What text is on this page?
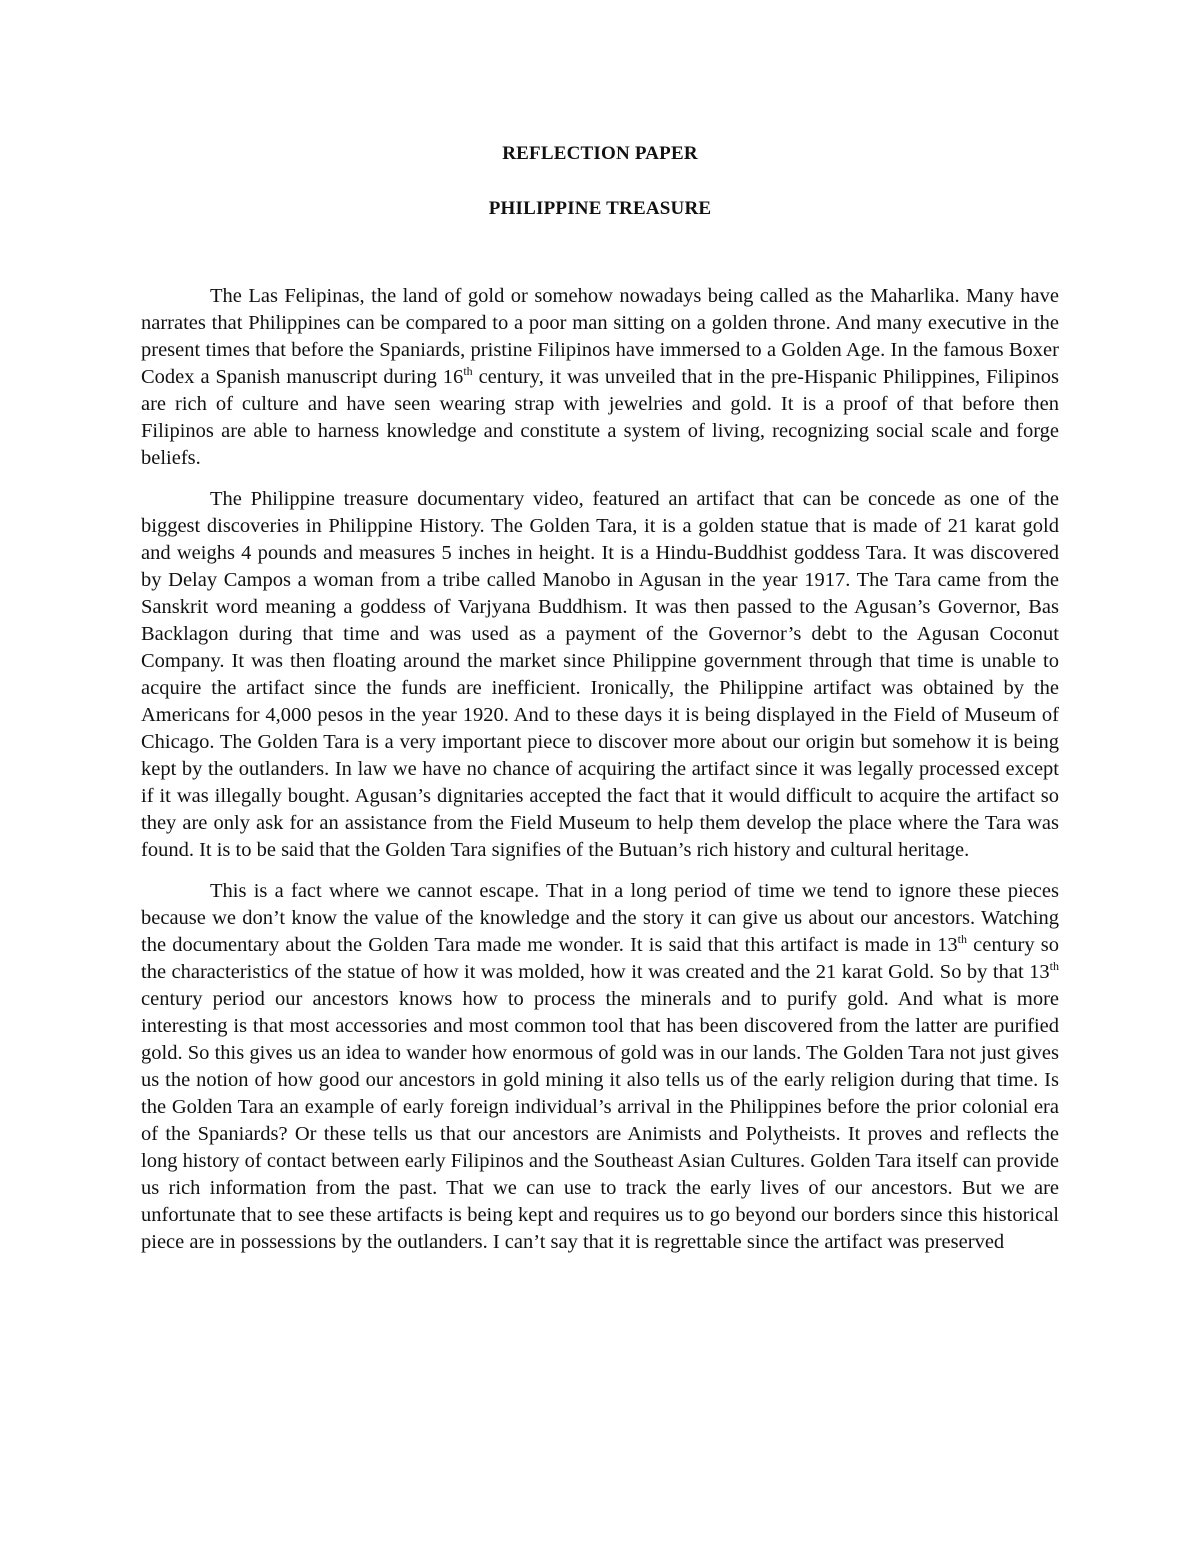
REFLECTION PAPER
PHILIPPINE TREASURE

The Las Felipinas, the land of gold or somehow nowadays being called as the Maharlika. Many have narrates that Philippines can be compared to a poor man sitting on a golden throne. And many executive in the present times that before the Spaniards, pristine Filipinos have immersed to a Golden Age. In the famous Boxer Codex a Spanish manuscript during 16th century, it was unveiled that in the pre-Hispanic Philippines, Filipinos are rich of culture and have seen wearing strap with jewelries and gold. It is a proof of that before then Filipinos are able to harness knowledge and constitute a system of living, recognizing social scale and forge beliefs.

The Philippine treasure documentary video, featured an artifact that can be concede as one of the biggest discoveries in Philippine History. The Golden Tara, it is a golden statue that is made of 21 karat gold and weighs 4 pounds and measures 5 inches in height. It is a Hindu-Buddhist goddess Tara. It was discovered by Delay Campos a woman from a tribe called Manobo in Agusan in the year 1917. The Tara came from the Sanskrit word meaning a goddess of Varjyana Buddhism. It was then passed to the Agusan’s Governor, Bas Backlagon during that time and was used as a payment of the Governor’s debt to the Agusan Coconut Company. It was then floating around the market since Philippine government through that time is unable to acquire the artifact since the funds are inefficient. Ironically, the Philippine artifact was obtained by the Americans for 4,000 pesos in the year 1920. And to these days it is being displayed in the Field of Museum of Chicago. The Golden Tara is a very important piece to discover more about our origin but somehow it is being kept by the outlanders. In law we have no chance of acquiring the artifact since it was legally processed except if it was illegally bought. Agusan’s dignitaries accepted the fact that it would difficult to acquire the artifact so they are only ask for an assistance from the Field Museum to help them develop the place where the Tara was found. It is to be said that the Golden Tara signifies of the Butuan’s rich history and cultural heritage.

This is a fact where we cannot escape. That in a long period of time we tend to ignore these pieces because we don’t know the value of the knowledge and the story it can give us about our ancestors. Watching the documentary about the Golden Tara made me wonder. It is said that this artifact is made in 13th century so the characteristics of the statue of how it was molded, how it was created and the 21 karat Gold. So by that 13th century period our ancestors knows how to process the minerals and to purify gold. And what is more interesting is that most accessories and most common tool that has been discovered from the latter are purified gold. So this gives us an idea to wander how enormous of gold was in our lands. The Golden Tara not just gives us the notion of how good our ancestors in gold mining it also tells us of the early religion during that time. Is the Golden Tara an example of early foreign individual’s arrival in the Philippines before the prior colonial era of the Spaniards? Or these tells us that our ancestors are Animists and Polytheists. It proves and reflects the long history of contact between early Filipinos and the Southeast Asian Cultures. Golden Tara itself can provide us rich information from the past. That we can use to track the early lives of our ancestors. But we are unfortunate that to see these artifacts is being kept and requires us to go beyond our borders since this historical piece are in possessions by the outlanders. I can’t say that it is regrettable since the artifact was preserved
